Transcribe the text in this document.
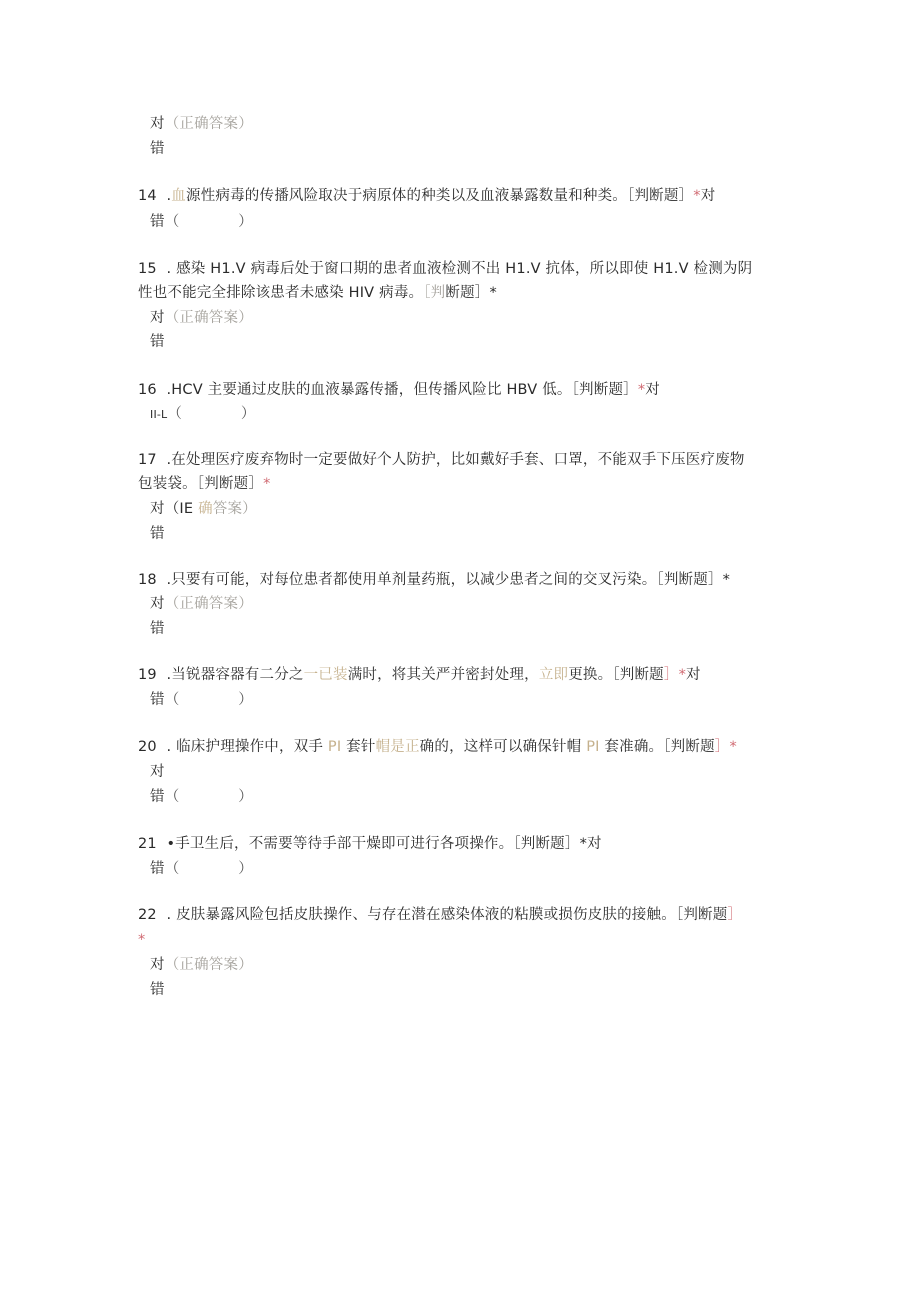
对（正确答案）
错
14 .血源性病毒的传播风险取决于病原体的种类以及血液暴露数量和种类。［判断题］*对
错（　　　　）
15 . 感染 H1.V 病毒后处于窗口期的患者血液检测不出 H1.V 抗体，所以即使 H1.V 检测为阴
性也不能完全排除该患者未感染 HIV 病毒。［判断题］*
对（正确答案）
错
16 .HCV 主要通过皮肤的血液暴露传播，但传播风险比 HBV 低。［判断题］*对
II-L（　　　　）
17 .在处理医疗废弃物时一定要做好个人防护，比如戴好手套、口罩，不能双手下压医疗废物
包装袋。［判断题］*
对（IE 确答案）
错
18 .只要有可能，对每位患者都使用单剂量药瓶，以减少患者之间的交叉污染。［判断题］*
对（正确答案）
错
19 .当锐器容器有二分之一已装满时，将其关严并密封处理，立即更换。［判断题］*对
错（　　　　）
20 . 临床护理操作中，双手 PI 套针帽是正确的，这样可以确保针帽 PI 套准确。［判断题］*
对
错（　　　　）
21 •手卫生后，不需要等待手部干燥即可进行各项操作。［判断题］*对
错（　　　　）
22 . 皮肤暴露风险包括皮肤操作、与存在潜在感染体液的粘膜或损伤皮肤的接触。［判断题］
*
对（正确答案）
错
